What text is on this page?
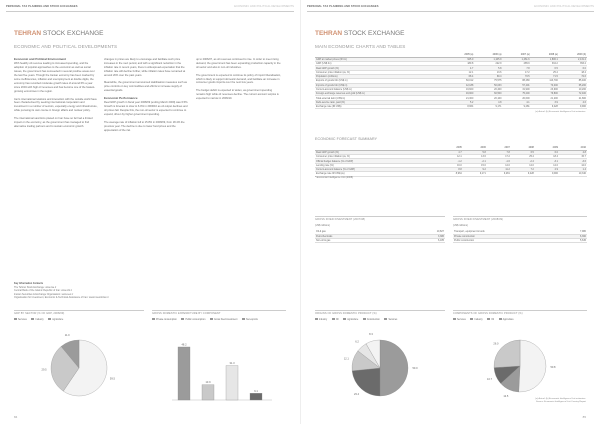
PERSONAL TAX PLANNING AND STOCK EXCHANGES	ECONOMIC AND POLITICAL DEVELOPMENTS
TEHRAN STOCK EXCHANGE
ECONOMIC AND POLITICAL DEVELOPMENTS
Economic and Political Environment

With healthy oil revenue leading to increased spending, and the adoption of populist approaches to the economic as well as social issues, the government has succeeded in several positive areas over the last five years. Though the Iranian economy has been marked by some inefficiencies, inflation and unemployment at double digits, the economy has recorded moderate growth rates of around 6% a year since 2004 with high oil revenues and has become one of the fastest-growing economies in the region.

Iran's international relations and interaction with the outside world have been characterised by seeking international cooperation and investment in a number of sectors, especially energy and infrastructure, while pursuing its own course in foreign affairs and nuclear policy.

The international sanctions placed on Iran have so far had a limited impact on the economy, as the government has managed to find alternative trading partners and to sustain economic growth.

changes in prices are likely to encourage and facilitate such price increases in the next period, and with a significant reduction in the inflation rate in recent years, there is widespread expectation that the inflation rate will decline further, while inflation rates have remained at around 20% over the past years.

Meanwhile, the government announced stabilisation measures such as price controls on key commodities and efforts to increase supply of essential goods.

Economic Performance

Real GDP growth in fiscal year 2008/09 (ending March 2009) was 6.5%. Growth is forecast to slow to 6.0% in 2009/10 as oil output declines and oil prices fall. Despite this, the non-oil sector is expected to continue to expand, driven by higher government spending.

The average rate of inflation fell to 15.8% in 2008/09, from 18.4% the previous year. The decline is due to lower food prices and the appreciation of the rial.

up to 2006/07, as oil revenues continued to rise. In order to meet rising demand, the government has been expanding production capacity in the oil sector and also in non-oil industries.

The government is expected to continue its policy of import liberalisation, which is likely to support domestic demand, and facilitate an increase in consumer goods imports over the next few years.

The budget deficit is expected to widen, as government spending remains high while oil revenues decline. The current account surplus is expected to narrow in 2009/10.

Key Information Contacts
The Tehran Stock Exchange: www.tse.ir
Central Bank of the Islamic Republic of Iran: www.cbi.ir
Iranian Securities & Exchange Organisation: www.seo.ir
Organisation for Investment, Economic & Technical Assistance of Iran: www.investiniran.ir
GDP BY SECTOR (% OF GDP, 2008/09)
Services	Industry	Agriculture
59.5
29.5
11.0
GROSS DOMESTIC EXPENDITURE BY COMPONENT
Private consumption	Public consumption	Gross fixed investment	Net exports
48.2
13.9
31.3
6.1
84
PERSONAL TAX PLANNING AND STOCK EXCHANGES	ECONOMIC AND POLITICAL DEVELOPMENTS
TEHRAN STOCK EXCHANGE
MAIN ECONOMIC CHARTS AND TABLES
	2005 (a)	2006 (a)	2007 (a)	2008 (a)	2009 (b)
GDP at market prices (IR trn)	925.0	1,105.9	1,461.6	1,806.1	2,131.2
GDP (US$ bn)	189.8	222.9	285.9	334.2	353.2
Real GDP growth (%)	4.7	5.8	7.8	6.5	6.0
Consumer price inflation (av, %)	12.1	13.6	17.2	25.4	18.4
Population (millions)	68.4	69.4	70.5	71.5	72.6
Exports of goods fob (US$ m)	60,012	75,575	88,480	113,700	85,400
Imports of goods fob (US$ m)	42,188	50,033	57,401	70,400	65,200
Current-account balance (US$ m)	16,600	20,400	31,900	23,900	10,200
Foreign-exchange reserves excl gold (US$ m)	46,900	60,500	75,200	79,800	72,400
Total external debt (US$ m)	21,300	20,100	20,600	21,200	21,800
Debt-service ratio, paid (%)	5.2	4.8	4.1	3.9	4.6
Exchange rate (IR:US$)	8,964	9,171	9,281	9,428	9,900
(a) Actual. (b) Economist Intelligence Unit estimates.
ECONOMIC FORECAST SUMMARY
	2005	2006	2007	2008	2009	2010
Real GDP growth (%)	4.7	5.8	7.8	6.5	6.0	4.8
Consumer price inflation (av, %)	12.1	13.6	17.2	25.4	18.4	15.7
Official budget balance (% of GDP)	-1.2	-2.1	-1.6	-2.4	-3.1	-3.6
Lending rate (%)	16.0	15.0	14.0	12.0	12.0	12.0
Current-account balance (% of GDP)	8.8	9.2	11.2	7.2	2.9	1.4
Exchange rate IR:US$ (av)	8,964	9,171	9,281	9,428	9,900	10,340
* Economist Intelligence Unit (2008)
GROSS FIXED INVESTMENT (2007/08)
(US$ millions)
Oil & gas	10,827
Petrochemicals	3,386
Non-oil & gas	6,185
GROSS FIXED INVESTMENT (2008/09)
(US$ millions)
Transport, equipment & tools	7,980
Private construction	6,360
Public construction	5,645
ORIGINS OF GROSS DOMESTIC PRODUCT (%)
Industry	Oil	Agriculture	Construction	Services
50.0
23.4
12.1
6.2
8.3
COMPONENTS OF GROSS DOMESTIC PRODUCT (%)
Services	Industry	Oil	Agriculture
50.8
12.5
10.7
26.0
(a) Actual. (b) Economist Intelligence Unit estimates.
Source: Economist Intelligence Unit Country Report
85
